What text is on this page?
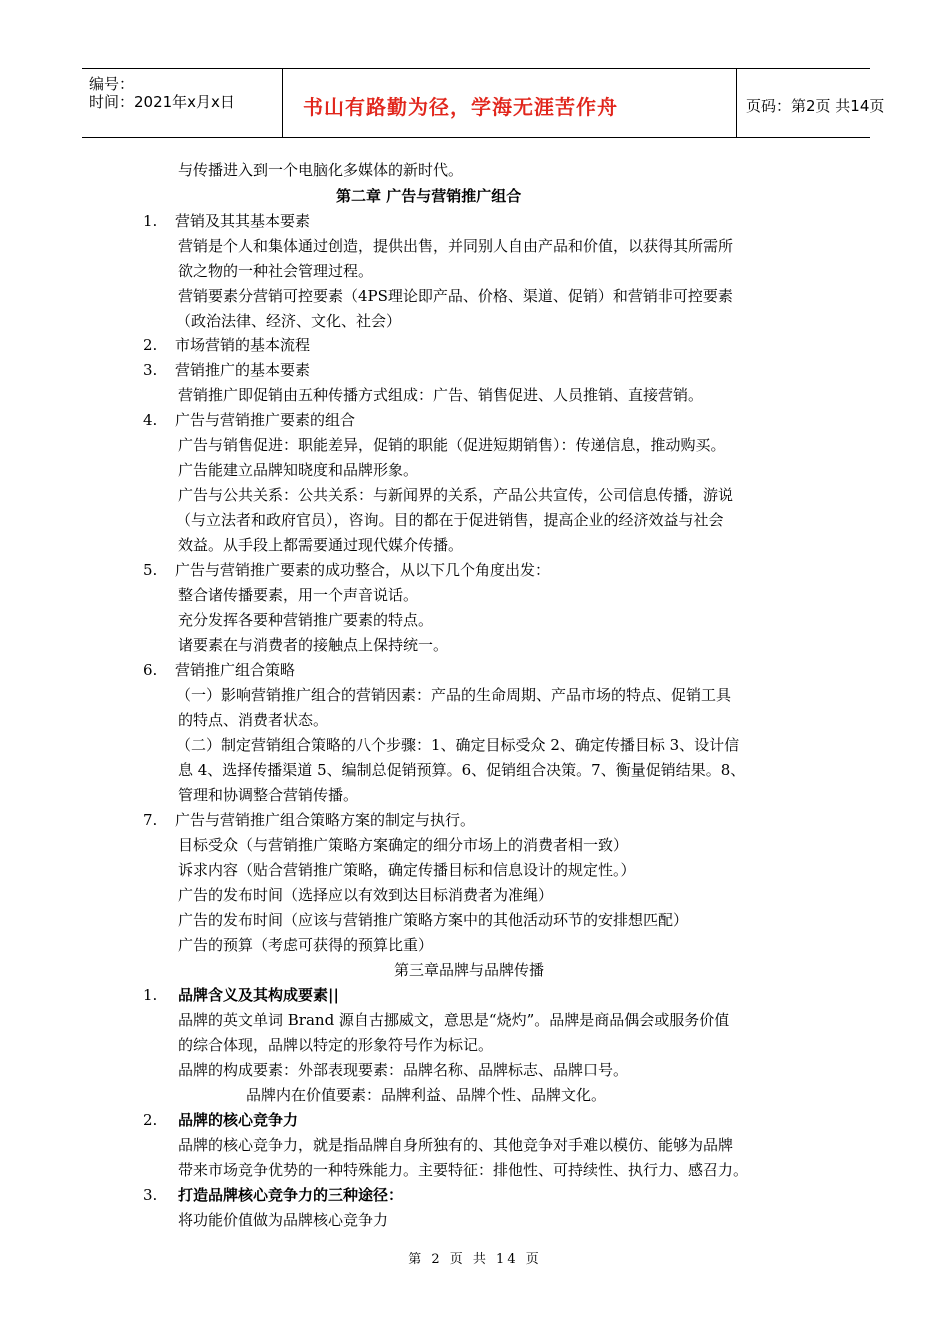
编号：
时间：2021年x月x日	书山有路勤为径，学海无涯苦作舟	页码：第2页 共14页
与传播进入到一个电脑化多媒体的新时代。
第二章 广告与营销推广组合
1. 营销及其其基本要素
营销是个人和集体通过创造，提供出售，并同别人自由产品和价值，以获得其所需所
欲之物的一种社会管理过程。
营销要素分营销可控要素（4PS理论即产品、价格、渠道、促销）和营销非可控要素
（政治法律、经济、文化、社会）
2. 市场营销的基本流程
3. 营销推广的基本要素
营销推广即促销由五种传播方式组成：广告、销售促进、人员推销、直接营销。
4. 广告与营销推广要素的组合
广告与销售促进：职能差异，促销的职能（促进短期销售）：传递信息，推动购买。
广告能建立品牌知晓度和品牌形象。
广告与公共关系：公共关系：与新闻界的关系，产品公共宣传，公司信息传播，游说
（与立法者和政府官员），咨询。目的都在于促进销售，提高企业的经济效益与社会
效益。从手段上都需要通过现代媒介传播。
5. 广告与营销推广要素的成功整合，从以下几个角度出发：
整合诸传播要素，用一个声音说话。
充分发挥各要种营销推广要素的特点。
诸要素在与消费者的接触点上保持统一。
6. 营销推广组合策略
（一）影响营销推广组合的营销因素：产品的生命周期、产品市场的特点、促销工具
的特点、消费者状态。
（二）制定营销组合策略的八个步骤：1、确定目标受众 2、确定传播目标 3、设计信
息 4、选择传播渠道 5、编制总促销预算。6、促销组合决策。7、衡量促销结果。8、
管理和协调整合营销传播。
7. 广告与营销推广组合策略方案的制定与执行。
目标受众（与营销推广策略方案确定的细分市场上的消费者相一致）
诉求内容（贴合营销推广策略，确定传播目标和信息设计的规定性。）
广告的发布时间（选择应以有效到达目标消费者为准绳）
广告的发布时间（应该与营销推广策略方案中的其他活动环节的安排想匹配）
广告的预算（考虑可获得的预算比重）
第三章品牌与品牌传播
1. 品牌含义及其构成要素||
品牌的英文单词 Brand 源自古挪威文，意思是“烧灼”。品牌是商品偶会或服务价值
的综合体现，品牌以特定的形象符号作为标记。
品牌的构成要素：外部表现要素：品牌名称、品牌标志、品牌口号。
品牌内在价值要素：品牌利益、品牌个性、品牌文化。
2. 品牌的核心竞争力
品牌的核心竞争力，就是指品牌自身所独有的、其他竞争对手难以模仿、能够为品牌
带来市场竞争优势的一种特殊能力。主要特征：排他性、可持续性、执行力、感召力。
3. 打造品牌核心竞争力的三种途径：
将功能价值做为品牌核心竞争力
第 2 页 共 14 页
